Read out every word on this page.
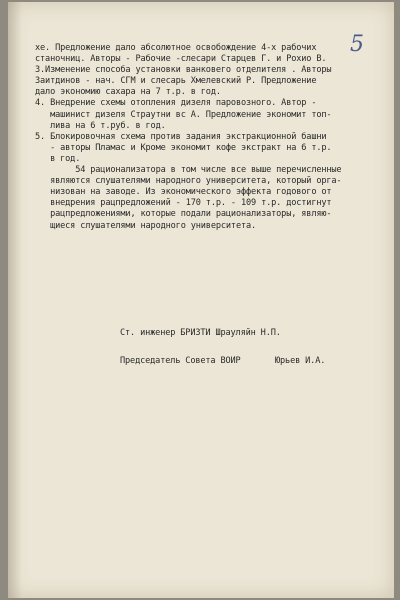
5
хе. Предложение дало абсолютное освобождение 4-х рабочих
станочниц. Авторы - Рабочие -слесари Старцев Г. и Рохио В.
3.Изменение способа установки ванковего отделителя . Авторы
Заитдинов - нач. СГМ и слесарь Хмелевский Р. Предложение
дало экономию сахара на 7 т.р. в год.
4. Внедрение схемы отопления дизеля паровозного. Автор -
машинист дизеля Страутни вс А. Предложение экономит топ-
лива на 6 т.руб. в год.
5. Блокировочная схема против задания экстракционной башни
- авторы Пламас и Кроме экономит кофе экстракт на 6 т.р.
в год.
54 рационализатора в том числе все выше перечисленные
являются слушателями народного университета, который орга-
низован на заводе. Из экономического эффекта годового от
внедрения рацпредложений - 170 т.р. - 109 т.р. достигнут
рацпредложениями, которые подали рационализаторы, являю-
щиеся слушателями народного университета.
Ст. инженер БРИЗТИ Шрауляйн Н.П.
Председатель Совета ВОИР	Юрьев И.А.
